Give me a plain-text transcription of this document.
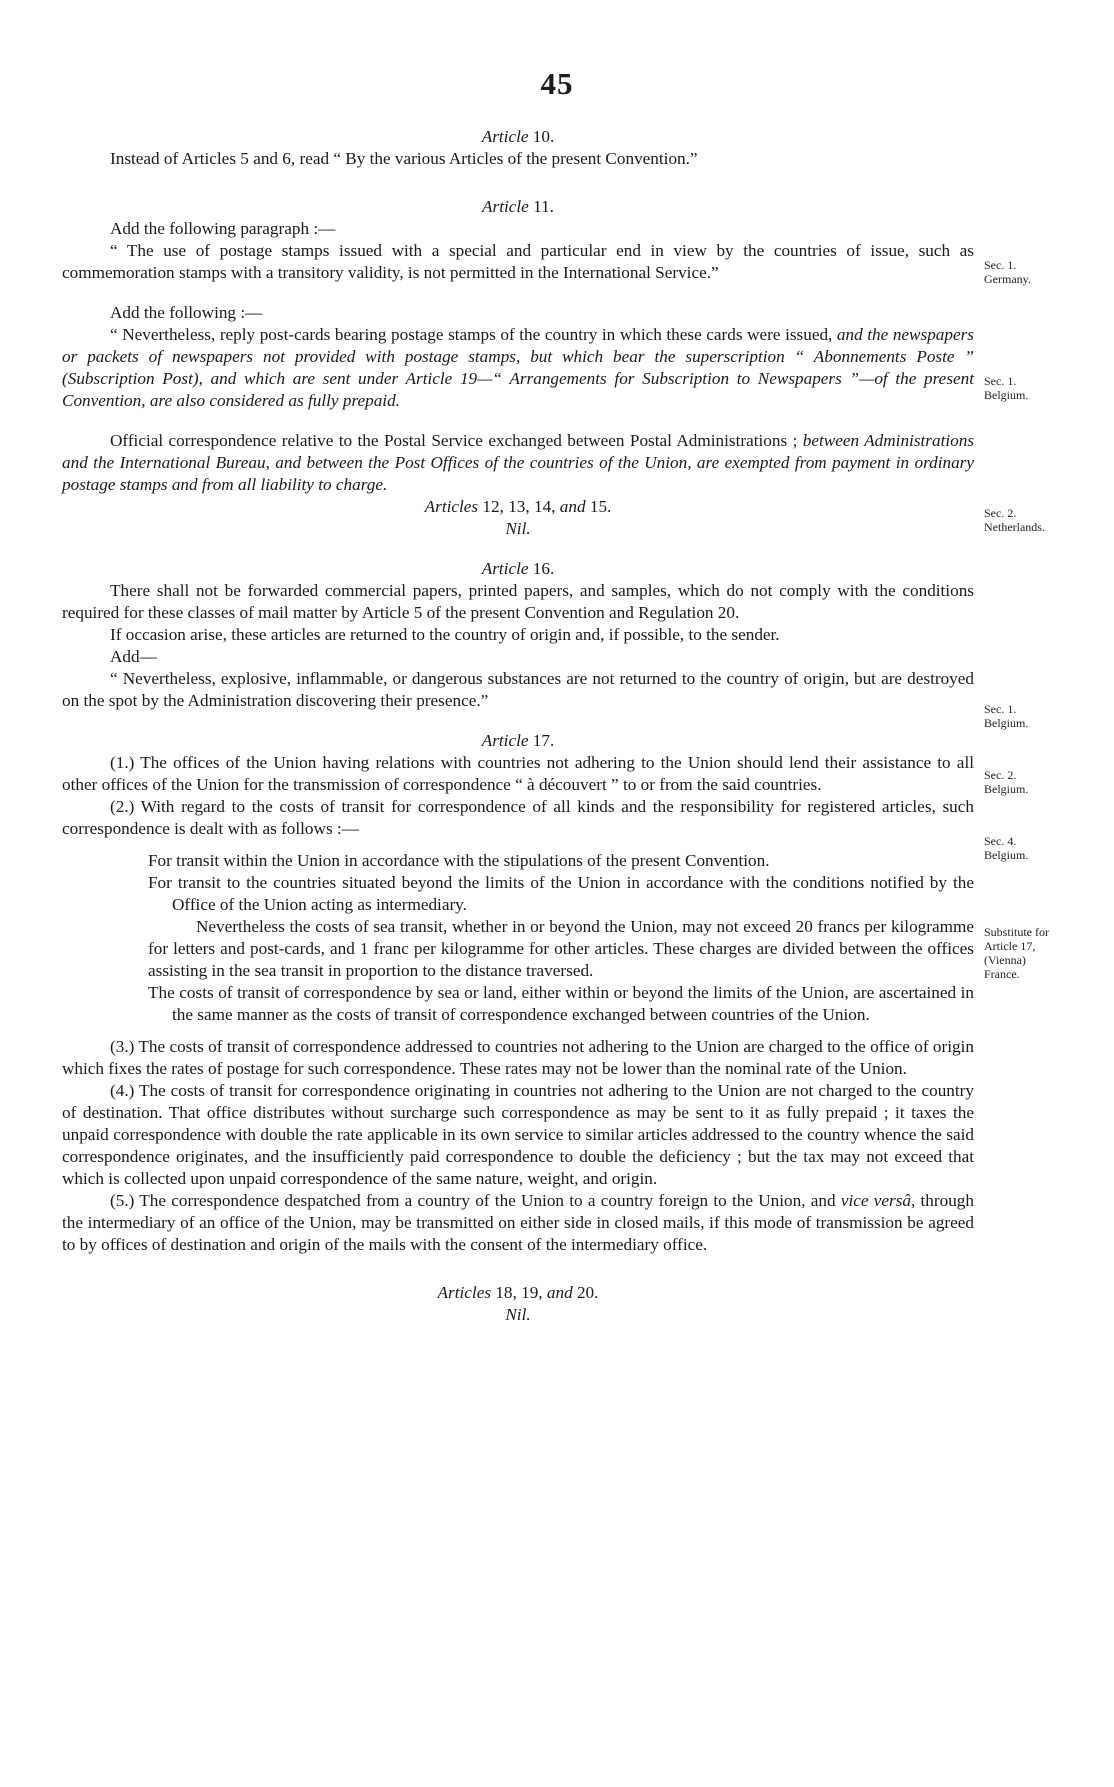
45
Article 10.

Instead of Articles 5 and 6, read “ By the various Articles of the present Convention.”

Article 11.

Add the following paragraph :—

“ The use of postage stamps issued with a special and particular end in view by the countries of issue, such as commemoration stamps with a transitory validity, is not permitted in the International Service.”

Add the following :—

“ Nevertheless, reply post-cards bearing postage stamps of the country in which these cards were issued, and the newspapers or packets of newspapers not provided with postage stamps, but which bear the superscription “ Abonnements Poste ” (Subscription Post), and which are sent under Article 19—“ Arrangements for Subscription to Newspapers ”—of the present Convention, are also considered as fully prepaid.

Official correspondence relative to the Postal Service exchanged between Postal Administrations ; between Administrations and the International Bureau, and between the Post Offices of the countries of the Union, are exempted from payment in ordinary postage stamps and from all liability to charge.

Articles 12, 13, 14, and 15.
Nil.
Article 16.

There shall not be forwarded commercial papers, printed papers, and samples, which do not comply with the conditions required for these classes of mail matter by Article 5 of the present Convention and Regulation 20.

If occasion arise, these articles are returned to the country of origin and, if possible, to the sender.

Add—

“ Nevertheless, explosive, inflammable, or dangerous substances are not returned to the country of origin, but are destroyed on the spot by the Administration discovering their presence.”

Article 17.

(1.) The offices of the Union having relations with countries not adhering to the Union should lend their assistance to all other offices of the Union for the transmission of correspondence “ à découvert ” to or from the said countries.

(2.) With regard to the costs of transit for correspondence of all kinds and the responsibility for registered articles, such correspondence is dealt with as follows :—

For transit within the Union in accordance with the stipulations of the present Convention.

For transit to the countries situated beyond the limits of the Union in accordance with the conditions notified by the Office of the Union acting as intermediary.

Nevertheless the costs of sea transit, whether in or beyond the Union, may not exceed 20 francs per kilogramme for letters and post-cards, and 1 franc per kilogramme for other articles. These charges are divided between the offices assisting in the sea transit in proportion to the distance traversed.

The costs of transit of correspondence by sea or land, either within or beyond the limits of the Union, are ascertained in the same manner as the costs of transit of correspondence exchanged between countries of the Union.

(3.) The costs of transit of correspondence addressed to countries not adhering to the Union are charged to the office of origin which fixes the rates of postage for such correspondence. These rates may not be lower than the nominal rate of the Union.

(4.) The costs of transit for correspondence originating in countries not adhering to the Union are not charged to the country of destination. That office distributes without surcharge such correspondence as may be sent to it as fully prepaid ; it taxes the unpaid correspondence with double the rate applicable in its own service to similar articles addressed to the country whence the said correspondence originates, and the insufficiently paid correspondence to double the deficiency ; but the tax may not exceed that which is collected upon unpaid correspondence of the same nature, weight, and origin.

(5.) The correspondence despatched from a country of the Union to a country foreign to the Union, and vice versâ, through the intermediary of an office of the Union, may be transmitted on either side in closed mails, if this mode of transmission be agreed to by offices of destination and origin of the mails with the consent of the intermediary office.

Articles 18, 19, and 20.
Nil.
Sec. 1.
Germany.
Sec. 1.
Belgium.
Sec. 2.
Netherlands.
Sec. 1.
Belgium.
Sec. 2.
Belgium.
Sec. 4.
Belgium.
Substitute for
Article 17,
(Vienna)
France.
